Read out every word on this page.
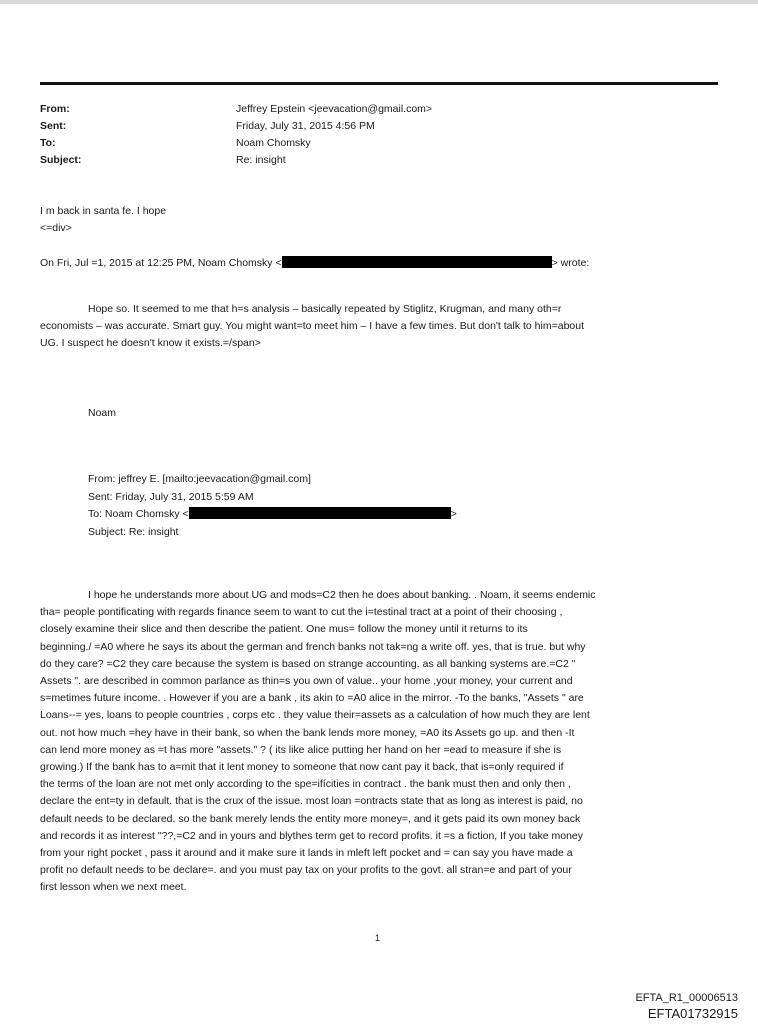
From:	Jeffrey Epstein <jeevacation@gmail.com>
Sent:	Friday, July 31, 2015 4:56 PM
To:	Noam Chomsky
Subject:	Re: insight
I m back in santa fe. I hope
<=div>
On Fri, Jul =1, 2015 at 12:25 PM, Noam Chomsky <	> wrote:
Hope so. It seemed to me that h=s analysis – basically repeated by Stiglitz, Krugman, and many oth=r
economists – was accurate. Smart guy. You might want=to meet him – I have a few times. But don't talk to him=about
UG. I suspect he doesn't know it exists.=/span>
Noam
From: jeffrey E. [mailto:jeevacation@gmail.com]
Sent: Friday, July 31, 2015 5:59 AM
To: Noam Chomsky <	>
Subject: Re: insight
I hope he understands more about UG and mods=C2 then he does about banking. . Noam, it seems endemic
tha= people pontificating with regards finance seem to want to cut the i=testinal tract at a point of their choosing ,
closely examine their slice and then describe the patient. One mus= follow the money until it returns to its
beginning./ =A0 where he says its about the german and french banks not tak=ng a write off. yes, that is true. but why
do they care? =C2 they care because the system is based on strange accounting. as all banking systems are.=C2 "
Assets ". are described in common parlance as thin=s you own of value.. your home ,your money, your current and
s=metimes future income. . However if you are a bank , its akin to =A0 alice in the mirror. -To the banks, "Assets " are
Loans--= yes, loans to people countries , corps etc . they value their=assets as a calculation of how much they are lent
out. not how much =hey have in their bank, so when the bank lends more money, =A0 its Assets go up. and then -It
can lend more money as =t has more "assets." ? ( its like alice putting her hand on her =ead to measure if she is
growing.) If the bank has to a=mit that it lent money to someone that now cant pay it back, that is=only required if
the terms of the loan are not met only according to the spe=ifícities in contract . the bank must then and only then ,
declare the ent=ty in default. that is the crux of the issue. most loan =ontracts state that as long as interest is paid, no
default needs to be declared. so the bank merely lends the entity more money=, and it gets paid its own money back
and records it as interest "??,=C2 and in yours and blythes term get to record profits. it =s a fiction, If you take money
from your right pocket , pass it around and it make sure it lands in mleft left pocket and = can say you have made a
profit no default needs to be declare=. and you must pay tax on your profits to the govt. all stran=e and part of your
first lesson when we next meet.
1
EFTA_R1_00006513
EFTA01732915
